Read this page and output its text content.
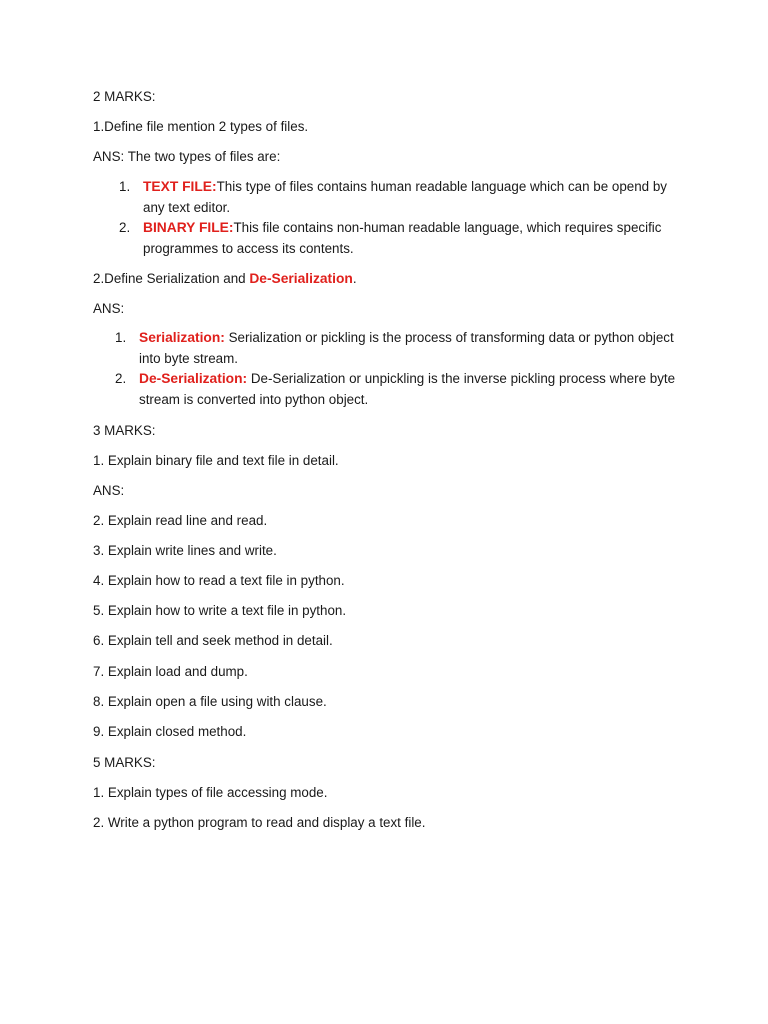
2 MARKS:
1.Define file mention 2 types of files.
ANS: The two types of files are:
1. TEXT FILE:This type of files contains human readable language which can be opend by any text editor.
2. BINARY FILE:This file contains non-human readable language, which requires specific programmes to access its contents.
2.Define Serialization and De-Serialization.
ANS:
1. Serialization: Serialization or pickling is the process of transforming data or python object into byte stream.
2. De-Serialization: De-Serialization or unpickling is the inverse pickling process where byte stream is converted into python object.
3 MARKS:
1. Explain binary file and text file in detail.
ANS:
2. Explain read line and read.
3. Explain write lines and write.
4. Explain how to read a text file in python.
5. Explain how to write a text file in python.
6. Explain tell and seek method in detail.
7. Explain load and dump.
8. Explain open a file using with clause.
9. Explain closed method.
5 MARKS:
1. Explain types of file accessing mode.
2. Write a python program to read and display a text file.
